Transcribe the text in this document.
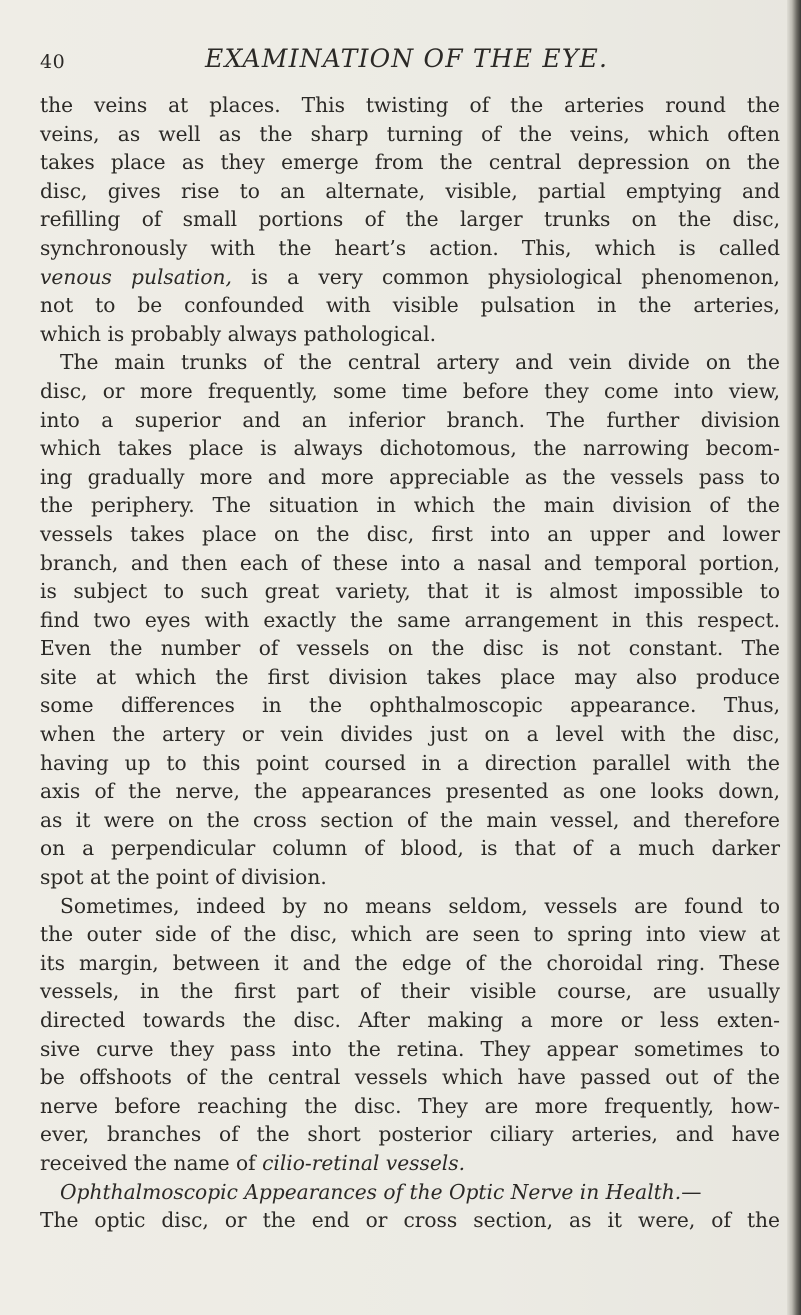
40	EXAMINATION OF THE EYE.
the veins at places. This twisting of the arteries round the
veins, as well as the sharp turning of the veins, which often
takes place as they emerge from the central depression on the
disc, gives rise to an alternate, visible, partial emptying and
refilling of small portions of the larger trunks on the disc,
synchronously with the heart’s action. This, which is called
venous pulsation, is a very common physiological phenomenon,
not to be confounded with visible pulsation in the arteries,
which is probably always pathological.
The main trunks of the central artery and vein divide on the
disc, or more frequently, some time before they come into view,
into a superior and an inferior branch. The further division
which takes place is always dichotomous, the narrowing becom-
ing gradually more and more appreciable as the vessels pass to
the periphery. The situation in which the main division of the
vessels takes place on the disc, first into an upper and lower
branch, and then each of these into a nasal and temporal portion,
is subject to such great variety, that it is almost impossible to
find two eyes with exactly the same arrangement in this respect.
Even the number of vessels on the disc is not constant. The
site at which the first division takes place may also produce
some differences in the ophthalmoscopic appearance. Thus,
when the artery or vein divides just on a level with the disc,
having up to this point coursed in a direction parallel with the
axis of the nerve, the appearances presented as one looks down,
as it were on the cross section of the main vessel, and therefore
on a perpendicular column of blood, is that of a much darker
spot at the point of division.
Sometimes, indeed by no means seldom, vessels are found to
the outer side of the disc, which are seen to spring into view at
its margin, between it and the edge of the choroidal ring. These
vessels, in the first part of their visible course, are usually
directed towards the disc. After making a more or less exten-
sive curve they pass into the retina. They appear sometimes to
be offshoots of the central vessels which have passed out of the
nerve before reaching the disc. They are more frequently, how-
ever, branches of the short posterior ciliary arteries, and have
received the name of cilio-retinal vessels.
Ophthalmoscopic Appearances of the Optic Nerve in Health.—
The optic disc, or the end or cross section, as it were, of the
